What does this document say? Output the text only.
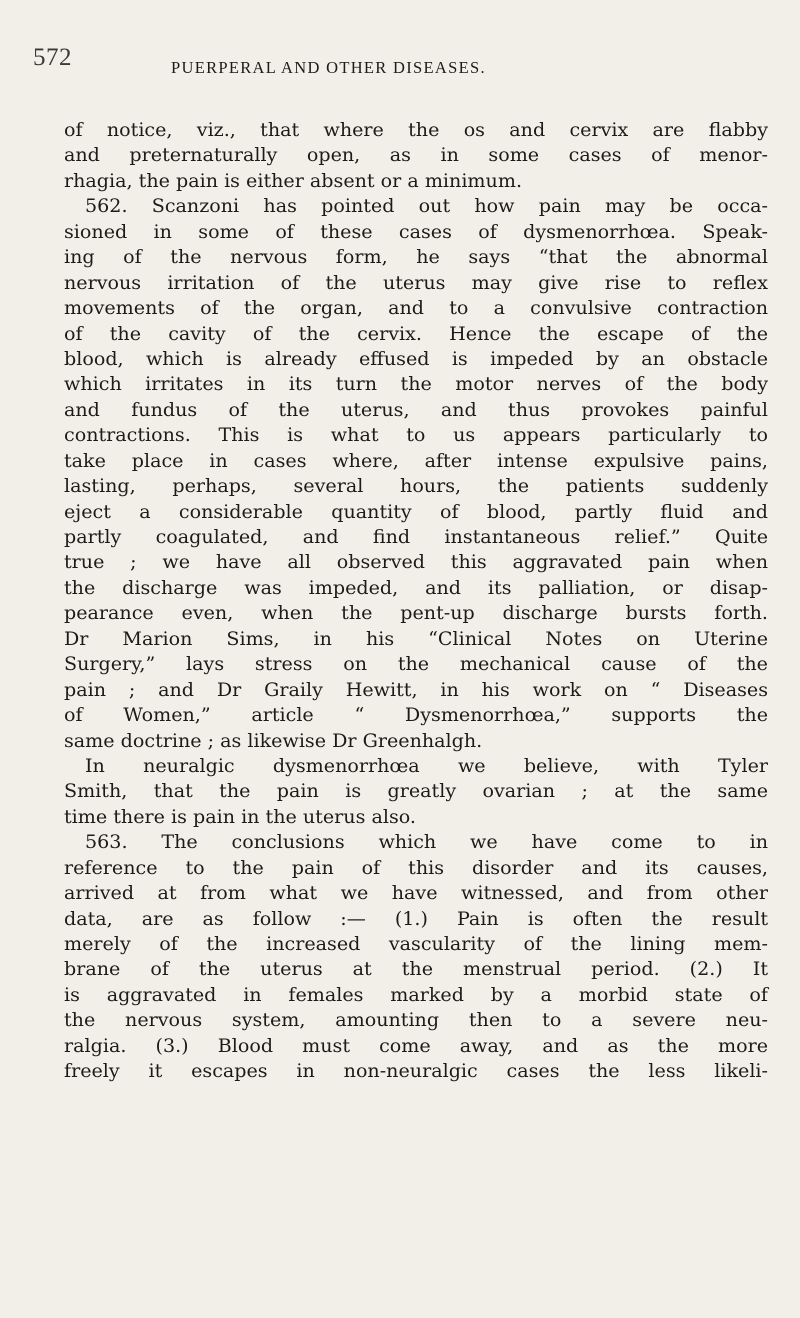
572	PUERPERAL AND OTHER DISEASES.
of notice, viz., that where the os and cervix are flabby
and preternaturally open, as in some cases of menor-
rhagia, the pain is either absent or a minimum.
562. Scanzoni has pointed out how pain may be occa-
sioned in some of these cases of dysmenorrhœa. Speak-
ing of the nervous form, he says “that the abnormal
nervous irritation of the uterus may give rise to reflex
movements of the organ, and to a convulsive contraction
of the cavity of the cervix. Hence the escape of the
blood, which is already effused is impeded by an obstacle
which irritates in its turn the motor nerves of the body
and fundus of the uterus, and thus provokes painful
contractions. This is what to us appears particularly to
take place in cases where, after intense expulsive pains,
lasting, perhaps, several hours, the patients suddenly
eject a considerable quantity of blood, partly fluid and
partly coagulated, and find instantaneous relief.” Quite
true ; we have all observed this aggravated pain when
the discharge was impeded, and its palliation, or disap-
pearance even, when the pent-up discharge bursts forth.
Dr Marion Sims, in his “Clinical Notes on Uterine
Surgery,” lays stress on the mechanical cause of the
pain ; and Dr Graily Hewitt, in his work on “ Diseases
of Women,” article “ Dysmenorrhœa,” supports the
same doctrine ; as likewise Dr Greenhalgh.
In neuralgic dysmenorrhœa we believe, with Tyler
Smith, that the pain is greatly ovarian ; at the same
time there is pain in the uterus also.
563. The conclusions which we have come to in
reference to the pain of this disorder and its causes,
arrived at from what we have witnessed, and from other
data, are as follow :— (1.) Pain is often the result
merely of the increased vascularity of the lining mem-
brane of the uterus at the menstrual period. (2.) It
is aggravated in females marked by a morbid state of
the nervous system, amounting then to a severe neu-
ralgia. (3.) Blood must come away, and as the more
freely it escapes in non-neuralgic cases the less likeli-
